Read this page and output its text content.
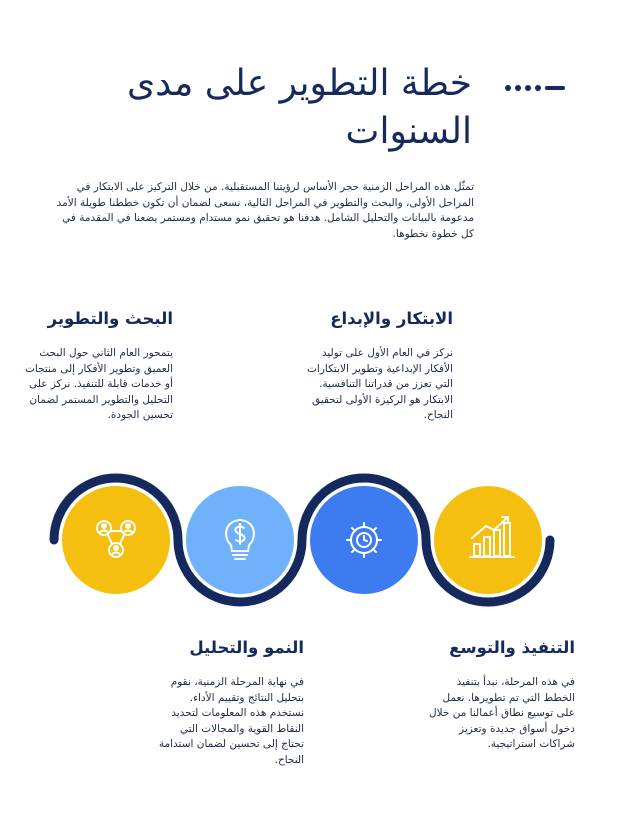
خطة التطوير على مدى السنوات
تمثّل هذه المراحل الزمنية حجر الأساس لرؤيتنا المستقبلية. من خلال التركيز على الابتكار في المراحل الأولى، والبحث والتطوير في المراحل التالية، نسعى لضمان أن تكون خططنا طويلة الأمد مدعومة بالبيانات والتحليل الشامل. هدفنا هو تحقيق نمو مستدام ومستمر يضعنا في المقدمة في كل خطوة نخطوها.
الابتكار والإبداع

نركز في العام الأول على توليد الأفكار الإبداعية وتطوير الابتكارات التي تعزز من قدراتنا التنافسية. الابتكار هو الركيزة الأولى لتحقيق النجاح.

البحث والتطوير

يتمحور العام الثاني حول البحث العميق وتطوير الأفكار إلى منتجات أو خدمات قابلة للتنفيذ. نركز على التحليل والتطوير المستمر لضمان تحسين الجودة.

التنفيذ والتوسع

في هذه المرحلة، نبدأ بتنفيذ الخطط التي تم تطويرها. نعمل على توسيع نطاق أعمالنا من خلال دخول أسواق جديدة وتعزيز شراكات استراتيجية.

النمو والتحليل

في نهاية المرحلة الزمنية، نقوم بتحليل النتائج وتقييم الأداء. نستخدم هذه المعلومات لتحديد النقاط القوية والمجالات التي تحتاج إلى تحسين لضمان استدامة النجاح.
